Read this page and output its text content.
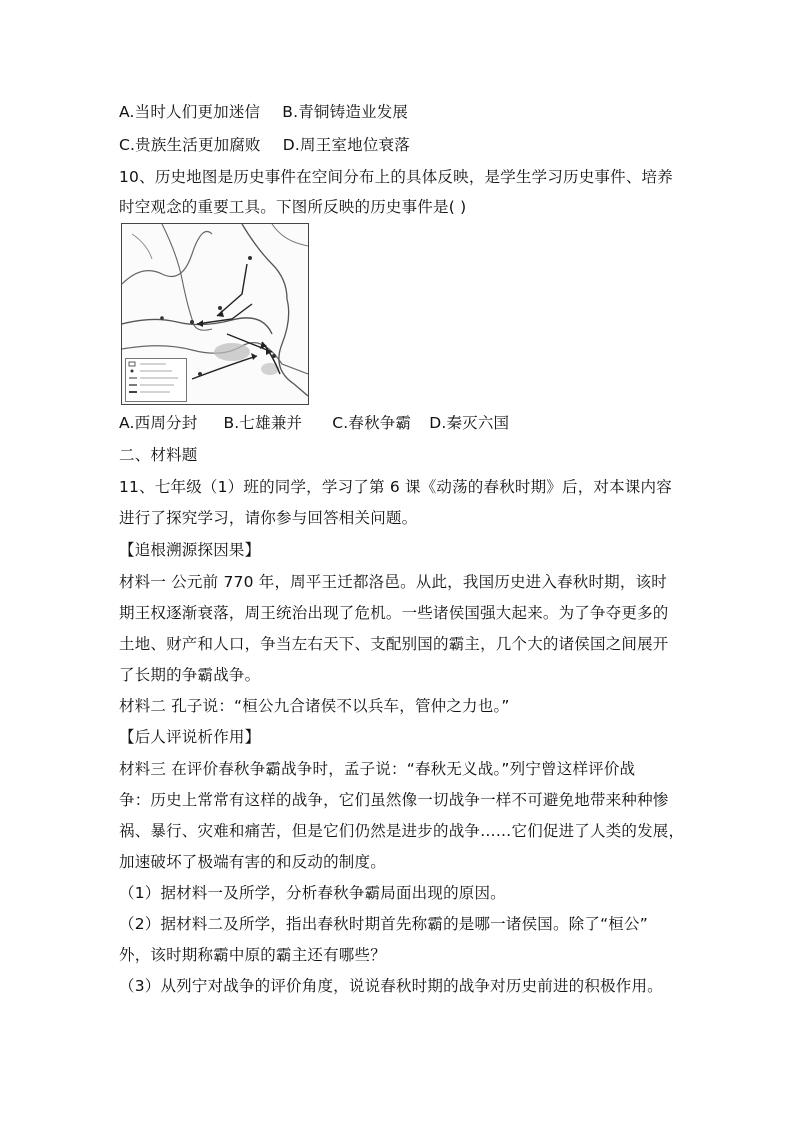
A.当时人们更加迷信 B.青铜铸造业发展
C.贵族生活更加腐败 D.周王室地位衰落
10、历史地图是历史事件在空间分布上的具体反映，是学生学习历史事件、培养
时空观念的重要工具。下图所反映的历史事件是( )
A.西周分封 B.七雄兼并 C.春秋争霸 D.秦灭六国
二、材料题
11、七年级（1）班的同学，学习了第 6 课《动荡的春秋时期》后，对本课内容
进行了探究学习，请你参与回答相关问题。
【追根溯源探因果】
材料一 公元前 770 年，周平王迁都洛邑。从此，我国历史进入春秋时期，该时
期王权逐渐衰落，周王统治出现了危机。一些诸侯国强大起来。为了争夺更多的
土地、财产和人口，争当左右天下、支配别国的霸主，几个大的诸侯国之间展开
了长期的争霸战争。
材料二 孔子说：“桓公九合诸侯不以兵车，管仲之力也。”
【后人评说析作用】
材料三 在评价春秋争霸战争时，孟子说：“春秋无义战。”列宁曾这样评价战
争：历史上常常有这样的战争，它们虽然像一切战争一样不可避免地带来种种惨
祸、暴行、灾难和痛苦，但是它们仍然是进步的战争……它们促进了人类的发展，
加速破坏了极端有害的和反动的制度。
（1）据材料一及所学，分析春秋争霸局面出现的原因。
（2）据材料二及所学，指出春秋时期首先称霸的是哪一诸侯国。除了“桓公”
外，该时期称霸中原的霸主还有哪些？
（3）从列宁对战争的评价角度，说说春秋时期的战争对历史前进的积极作用。
